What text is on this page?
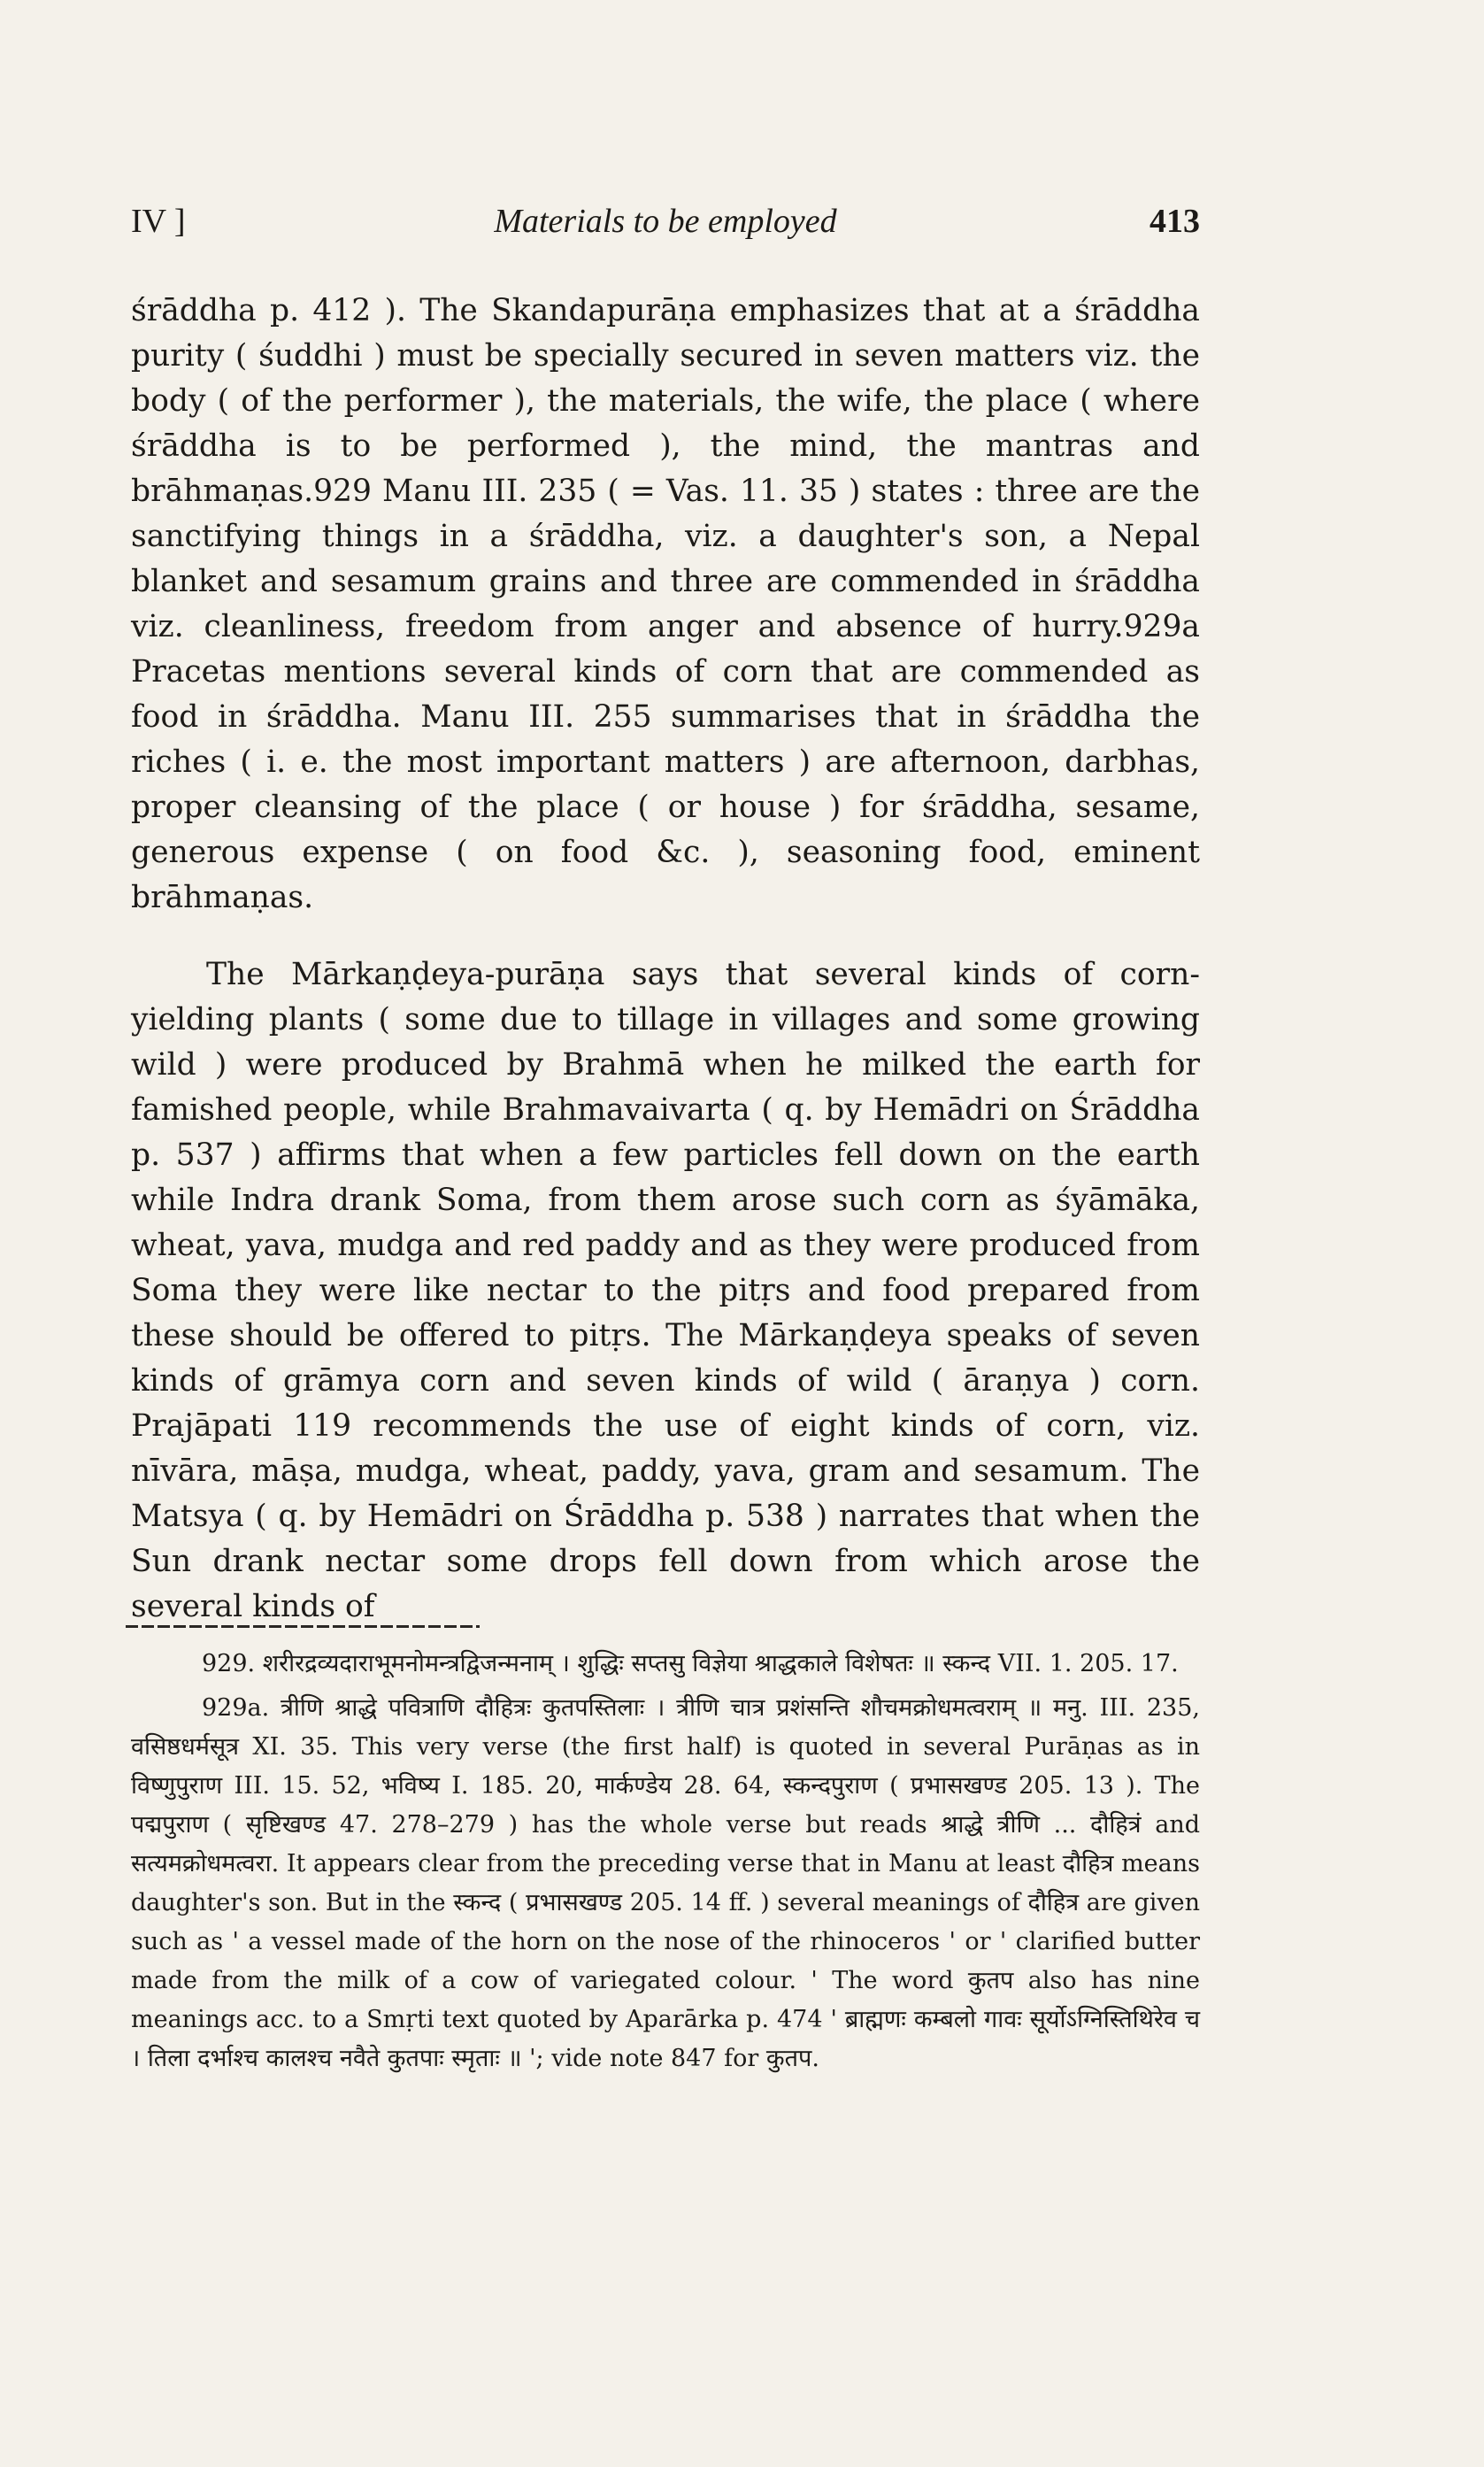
IV ]	Materials to be employed	413

śrāddha p. 412 ). The Skandapurāṇa emphasizes that at a śrāddha purity ( śuddhi ) must be specially secured in seven matters viz. the body ( of the performer ), the materials, the wife, the place ( where śrāddha is to be performed ), the mind, the mantras and brāhmaṇas.929 Manu III. 235 ( = Vas. 11. 35 ) states : three are the sanctifying things in a śrāddha, viz. a daughter's son, a Nepal blanket and sesamum grains and three are commended in śrāddha viz. cleanliness, freedom from anger and absence of hurry.929a Pracetas mentions several kinds of corn that are commended as food in śrāddha. Manu III. 255 summarises that in śrāddha the riches ( i. e. the most important matters ) are afternoon, darbhas, proper cleansing of the place ( or house ) for śrāddha, sesame, generous expense ( on food &c. ), seasoning food, eminent brāhmaṇas.

The Mārkaṇḍeya-purāṇa says that several kinds of corn-yielding plants ( some due to tillage in villages and some growing wild ) were produced by Brahmā when he milked the earth for famished people, while Brahmavaivarta ( q. by Hemādri on Śrāddha p. 537 ) affirms that when a few particles fell down on the earth while Indra drank Soma, from them arose such corn as śyāmāka, wheat, yava, mudga and red paddy and as they were produced from Soma they were like nectar to the pitṛs and food prepared from these should be offered to pitṛs. The Mārkaṇḍeya speaks of seven kinds of grāmya corn and seven kinds of wild ( āraṇya ) corn. Prajāpati 119 recommends the use of eight kinds of corn, viz. nīvāra, māṣa, mudga, wheat, paddy, yava, gram and sesamum. The Matsya ( q. by Hemādri on Śrāddha p. 538 ) narrates that when the Sun drank nectar some drops fell down from which arose the several kinds of

929. शरीरद्रव्यदाराभूमनोमन्त्रद्विजन्मनाम् । शुद्धिः सप्तसु विज्ञेया श्राद्धकाले विशेषतः ॥ स्कन्द VII. 1. 205. 17.

929a. त्रीणि श्राद्धे पवित्राणि दौहित्रः कुतपस्तिलाः । त्रीणि चात्र प्रशंसन्ति शौचमक्रोधमत्वराम् ॥ मनु. III. 235, वसिष्ठधर्मसूत्र XI. 35. This very verse (the first half) is quoted in several Purāṇas as in विष्णुपुराण III. 15. 52, भविष्य I. 185. 20, मार्कण्डेय 28. 64, स्कन्दपुराण ( प्रभासखण्ड 205. 13 ). The पद्मपुराण ( सृष्टिखण्ड 47. 278–279 ) has the whole verse but reads श्राद्धे त्रीणि ... दौहित्रं and सत्यमक्रोधमत्वरा. It appears clear from the preceding verse that in Manu at least दौहित्र means daughter's son. But in the स्कन्द ( प्रभासखण्ड 205. 14 ff. ) several meanings of दौहित्र are given such as ' a vessel made of the horn on the nose of the rhinoceros ' or ' clarified butter made from the milk of a cow of variegated colour. ' The word कुतप also has nine meanings acc. to a Smṛti text quoted by Aparārka p. 474 ' ब्राह्मणः कम्बलो गावः सूर्योऽग्निस्तिथिरेव च । तिला दर्भाश्च कालश्च नवैते कुतपाः स्मृताः ॥ '; vide note 847 for कुतप.
